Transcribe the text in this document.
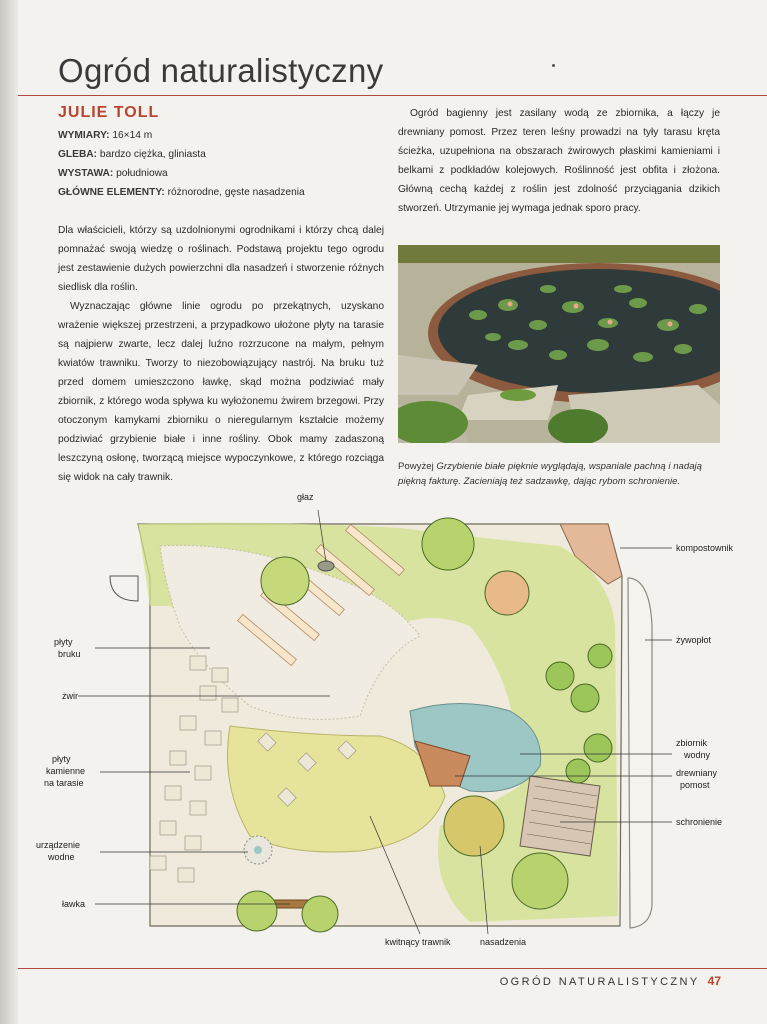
Ogród naturalistyczny

JULIE TOLL

WYMIARY: 16×14 m

GLEBA: bardzo ciężka, gliniasta

WYSTAWA: południowa

GŁÓWNE ELEMENTY: różnorodne, gęste nasadzenia

Dla właścicieli, którzy są uzdolnionymi ogrodnikami i którzy chcą dalej pomnażać swoją wiedzę o roślinach. Podstawą projektu tego ogrodu jest zestawienie dużych powierzchni dla nasadzeń i stworzenie różnych siedlisk dla roślin.

Wyznaczając główne linie ogrodu po przekątnych, uzyskano wrażenie większej przestrzeni, a przypadkowo ułożone płyty na tarasie są najpierw zwarte, lecz dalej luźno rozrzucone na małym, pełnym kwiatów trawniku. Tworzy to niezobowiązujący nastrój. Na bruku tuż przed domem umieszczono ławkę, skąd można podziwiać mały zbiornik, z którego woda spływa ku wyłożonemu żwirem brzegowi. Przy otoczonym kamykami zbiorniku o nieregularnym kształcie możemy podziwiać grzybienie białe i inne rośliny. Obok mamy zadaszoną leszczyną osłonę, tworzącą miejsce wypoczynkowe, z którego rozciąga się widok na cały trawnik.

Ogród bagienny jest zasilany wodą ze zbiornika, a łączy je drewniany pomost. Przez teren leśny prowadzi na tyły tarasu kręta ścieżka, uzupełniona na obszarach żwirowych płaskimi kamieniami i belkami z podkładów kolejowych. Roślinność jest obfita i złożona. Główną cechą każdej z roślin jest zdolność przyciągania dzikich stworzeń. Utrzymanie jej wymaga jednak sporo pracy.

Powyżej Grzybienie białe pięknie wyglądają, wspaniale pachną i nadają piękną fakturę. Zacieniają też sadzawkę, dając rybom schronienie.

głaz
kompostownik
płyty
bruku
żywopłot
żwir
zbiornik
wodny
płyty
kamienne
na tarasie
drewniany
pomost
schronienie
urządzenie
wodne
ławka
kwitnący trawnik	nasadzenia
OGRÓD NATURALISTYCZNY 47
